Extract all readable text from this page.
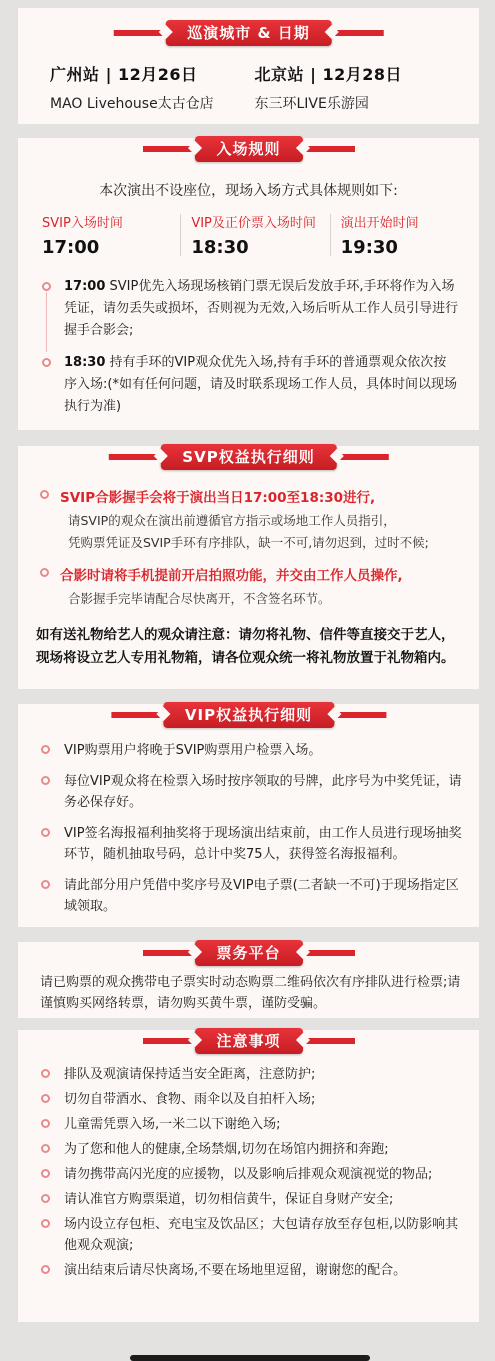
巡演城市 & 日期
广州站 | 12月26日
MAO Livehouse太古仓店
北京站 | 12月28日
东三环LIVE乐游园
入场规则
本次演出不设座位，现场入场方式具体规则如下:
SVIP入场时间
17:00
VIP及正价票入场时间
18:30
演出开始时间
19:30
17:00 SVIP优先入场现场核销门票无误后发放手环,手环将作为入场凭证，请勿丢失或损坏，否则视为无效,入场后听从工作人员引导进行握手合影会;
18:30 持有手环的VIP观众优先入场,持有手环的普通票观众依次按序入场:(*如有任何问题，请及时联系现场工作人员，具体时间以现场执行为准)
SVP权益执行细则
SVIP合影握手会将于演出当日17:00至18:30进行,
请SVIP的观众在演出前遵循官方指示或场地工作人员指引，
凭购票凭证及SVIP手环有序排队，缺一不可,请勿迟到，过时不候;
合影时请将手机提前开启拍照功能，并交由工作人员操作,
合影握手完毕请配合尽快离开，不含签名环节。
如有送礼物给艺人的观众请注意：请勿将礼物、信件等直接交于艺人，现场将设立艺人专用礼物箱，请各位观众统一将礼物放置于礼物箱内。
VIP权益执行细则
VIP购票用户将晚于SVIP购票用户检票入场。
每位VIP观众将在检票入场时按序领取的号牌，此序号为中奖凭证，请务必保存好。
VIP签名海报福利抽奖将于现场演出结束前，由工作人员进行现场抽奖环节，随机抽取号码，总计中奖75人，获得签名海报福利。
请此部分用户凭借中奖序号及VIP电子票(二者缺一不可)于现场指定区域领取。
票务平台
请已购票的观众携带电子票实时动态购票二维码依次有序排队进行检票;请谨慎购买网络转票，请勿购买黄牛票，谨防受骗。
注意事项
排队及观演请保持适当安全距离，注意防护;
切勿自带酒水、食物、雨伞以及自拍杆入场;
儿童需凭票入场,一米二以下谢绝入场;
为了您和他人的健康,全场禁烟,切勿在场馆内拥挤和奔跑;
请勿携带高闪光度的应援物，以及影响后排观众观演视觉的物品;
请认准官方购票渠道，切勿相信黄牛，保证自身财产安全;
场内设立存包柜、充电宝及饮品区；大包请存放至存包柜,以防影响其他观众观演;
演出结束后请尽快离场,不要在场地里逗留，谢谢您的配合。
